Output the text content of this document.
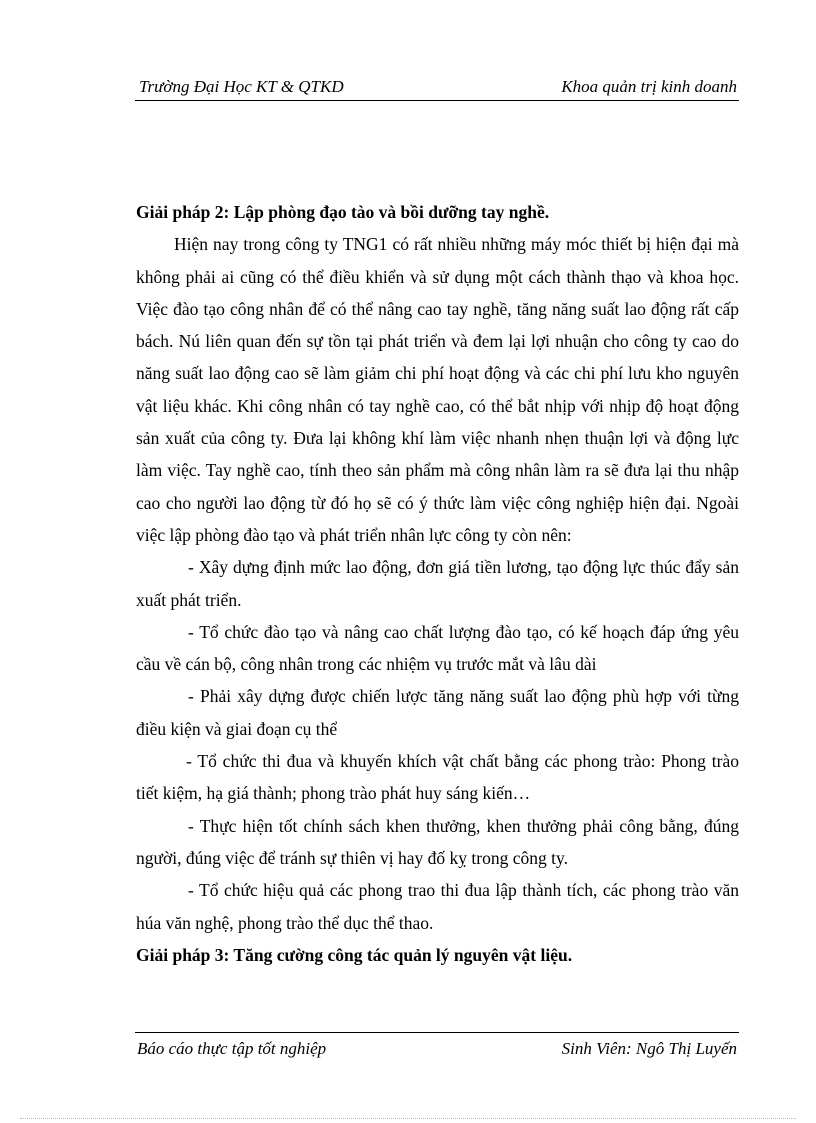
Trường Đại Học KT & QTKD	Khoa quản trị kinh doanh

Giải pháp 2: Lập phòng đạo tào và bồi dưỡng tay nghề.

Hiện nay trong công ty TNG1 có rất nhiều những máy móc thiết bị hiện đại mà không phải ai cũng có thể điều khiển và sử dụng một cách thành thạo và khoa học. Việc đào tạo công nhân để có thể nâng cao tay nghề, tăng năng suất lao động rất cấp bách. Nú liên quan đến sự tồn tại phát triển và đem lại lợi nhuận cho công ty cao do năng suất lao động cao sẽ làm giảm chi phí hoạt động và các chi phí lưu kho nguyên vật liệu khác. Khi công nhân có tay nghề cao, có thể bắt nhịp với nhịp độ hoạt động sản xuất của công ty. Đưa lại không khí làm việc nhanh nhẹn thuận lợi và động lực làm việc. Tay nghề cao, tính theo sản phẩm mà công nhân làm ra sẽ đưa lại thu nhập cao cho người lao động từ đó họ sẽ có ý thức làm việc công nghiệp hiện đại. Ngoài việc lập phòng đào tạo và phát triển nhân lực công ty còn nên:

- Xây dựng định mức lao động, đơn giá tiền lương, tạo động lực thúc đẩy sản xuất phát triển.

- Tổ chức đào tạo và nâng cao chất lượng đào tạo, có kế hoạch đáp ứng yêu cầu về cán bộ, công nhân trong các nhiệm vụ trước mắt và lâu dài

- Phải xây dựng được chiến lược tăng năng suất lao động phù hợp với từng điều kiện và giai đoạn cụ thể

- Tổ chức thi đua và khuyến khích vật chất bằng các phong trào: Phong trào tiết kiệm, hạ giá thành; phong trào phát huy sáng kiến…

- Thực hiện tốt chính sách khen thưởng, khen thưởng phải công bằng, đúng người, đúng việc để tránh sự thiên vị hay đố kỵ trong công ty.

- Tổ chức hiệu quả các phong trao thi đua lập thành tích, các phong trào văn húa văn nghệ, phong trào thể dục thể thao.

Giải pháp 3: Tăng cường công tác quản lý nguyên vật liệu.

Báo cáo thực tập tốt nghiệp	Sinh Viên: Ngô Thị Luyến
